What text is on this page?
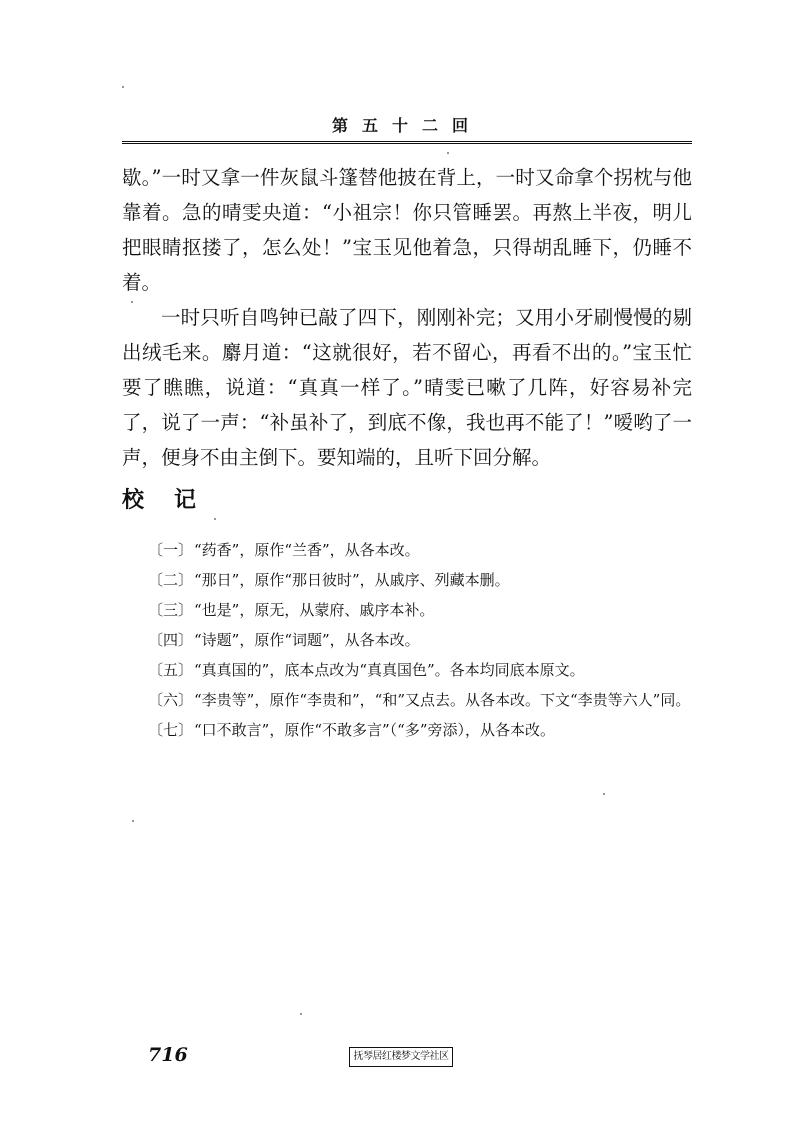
第五十二回

歇。”一时又拿一件灰鼠斗篷替他披在背上，一时又命拿个拐枕与他靠着。急的晴雯央道：“小祖宗！你只管睡罢。再熬上半夜，明儿把眼睛抠搂了，怎么处！”宝玉见他着急，只得胡乱睡下，仍睡不着。

一时只听自鸣钟已敲了四下，刚刚补完；又用小牙刷慢慢的剔出绒毛来。麝月道：“这就很好，若不留心，再看不出的。”宝玉忙要了瞧瞧，说道：“真真一样了。”晴雯已嗽了几阵，好容易补完了，说了一声：“补虽补了，到底不像，我也再不能了！”嗳哟了一声，便身不由主倒下。要知端的，且听下回分解。

校记
〔一〕 “药香”，原作“兰香”，从各本改。
〔二〕 “那日”，原作“那日彼时”，从戚序、列藏本删。
〔三〕 “也是”，原无，从蒙府、戚序本补。
〔四〕 “诗题”，原作“词题”，从各本改。
〔五〕 “真真国的”，底本点改为“真真国色”。各本均同底本原文。
〔六〕“李贵等”，原作“李贵和”，“和”又点去。从各本改。下文“李贵等六人”同。
〔七〕 “口不敢言”，原作“不敢多言”（“多”旁添），从各本改。
716	抚琴居红楼梦文学社区
